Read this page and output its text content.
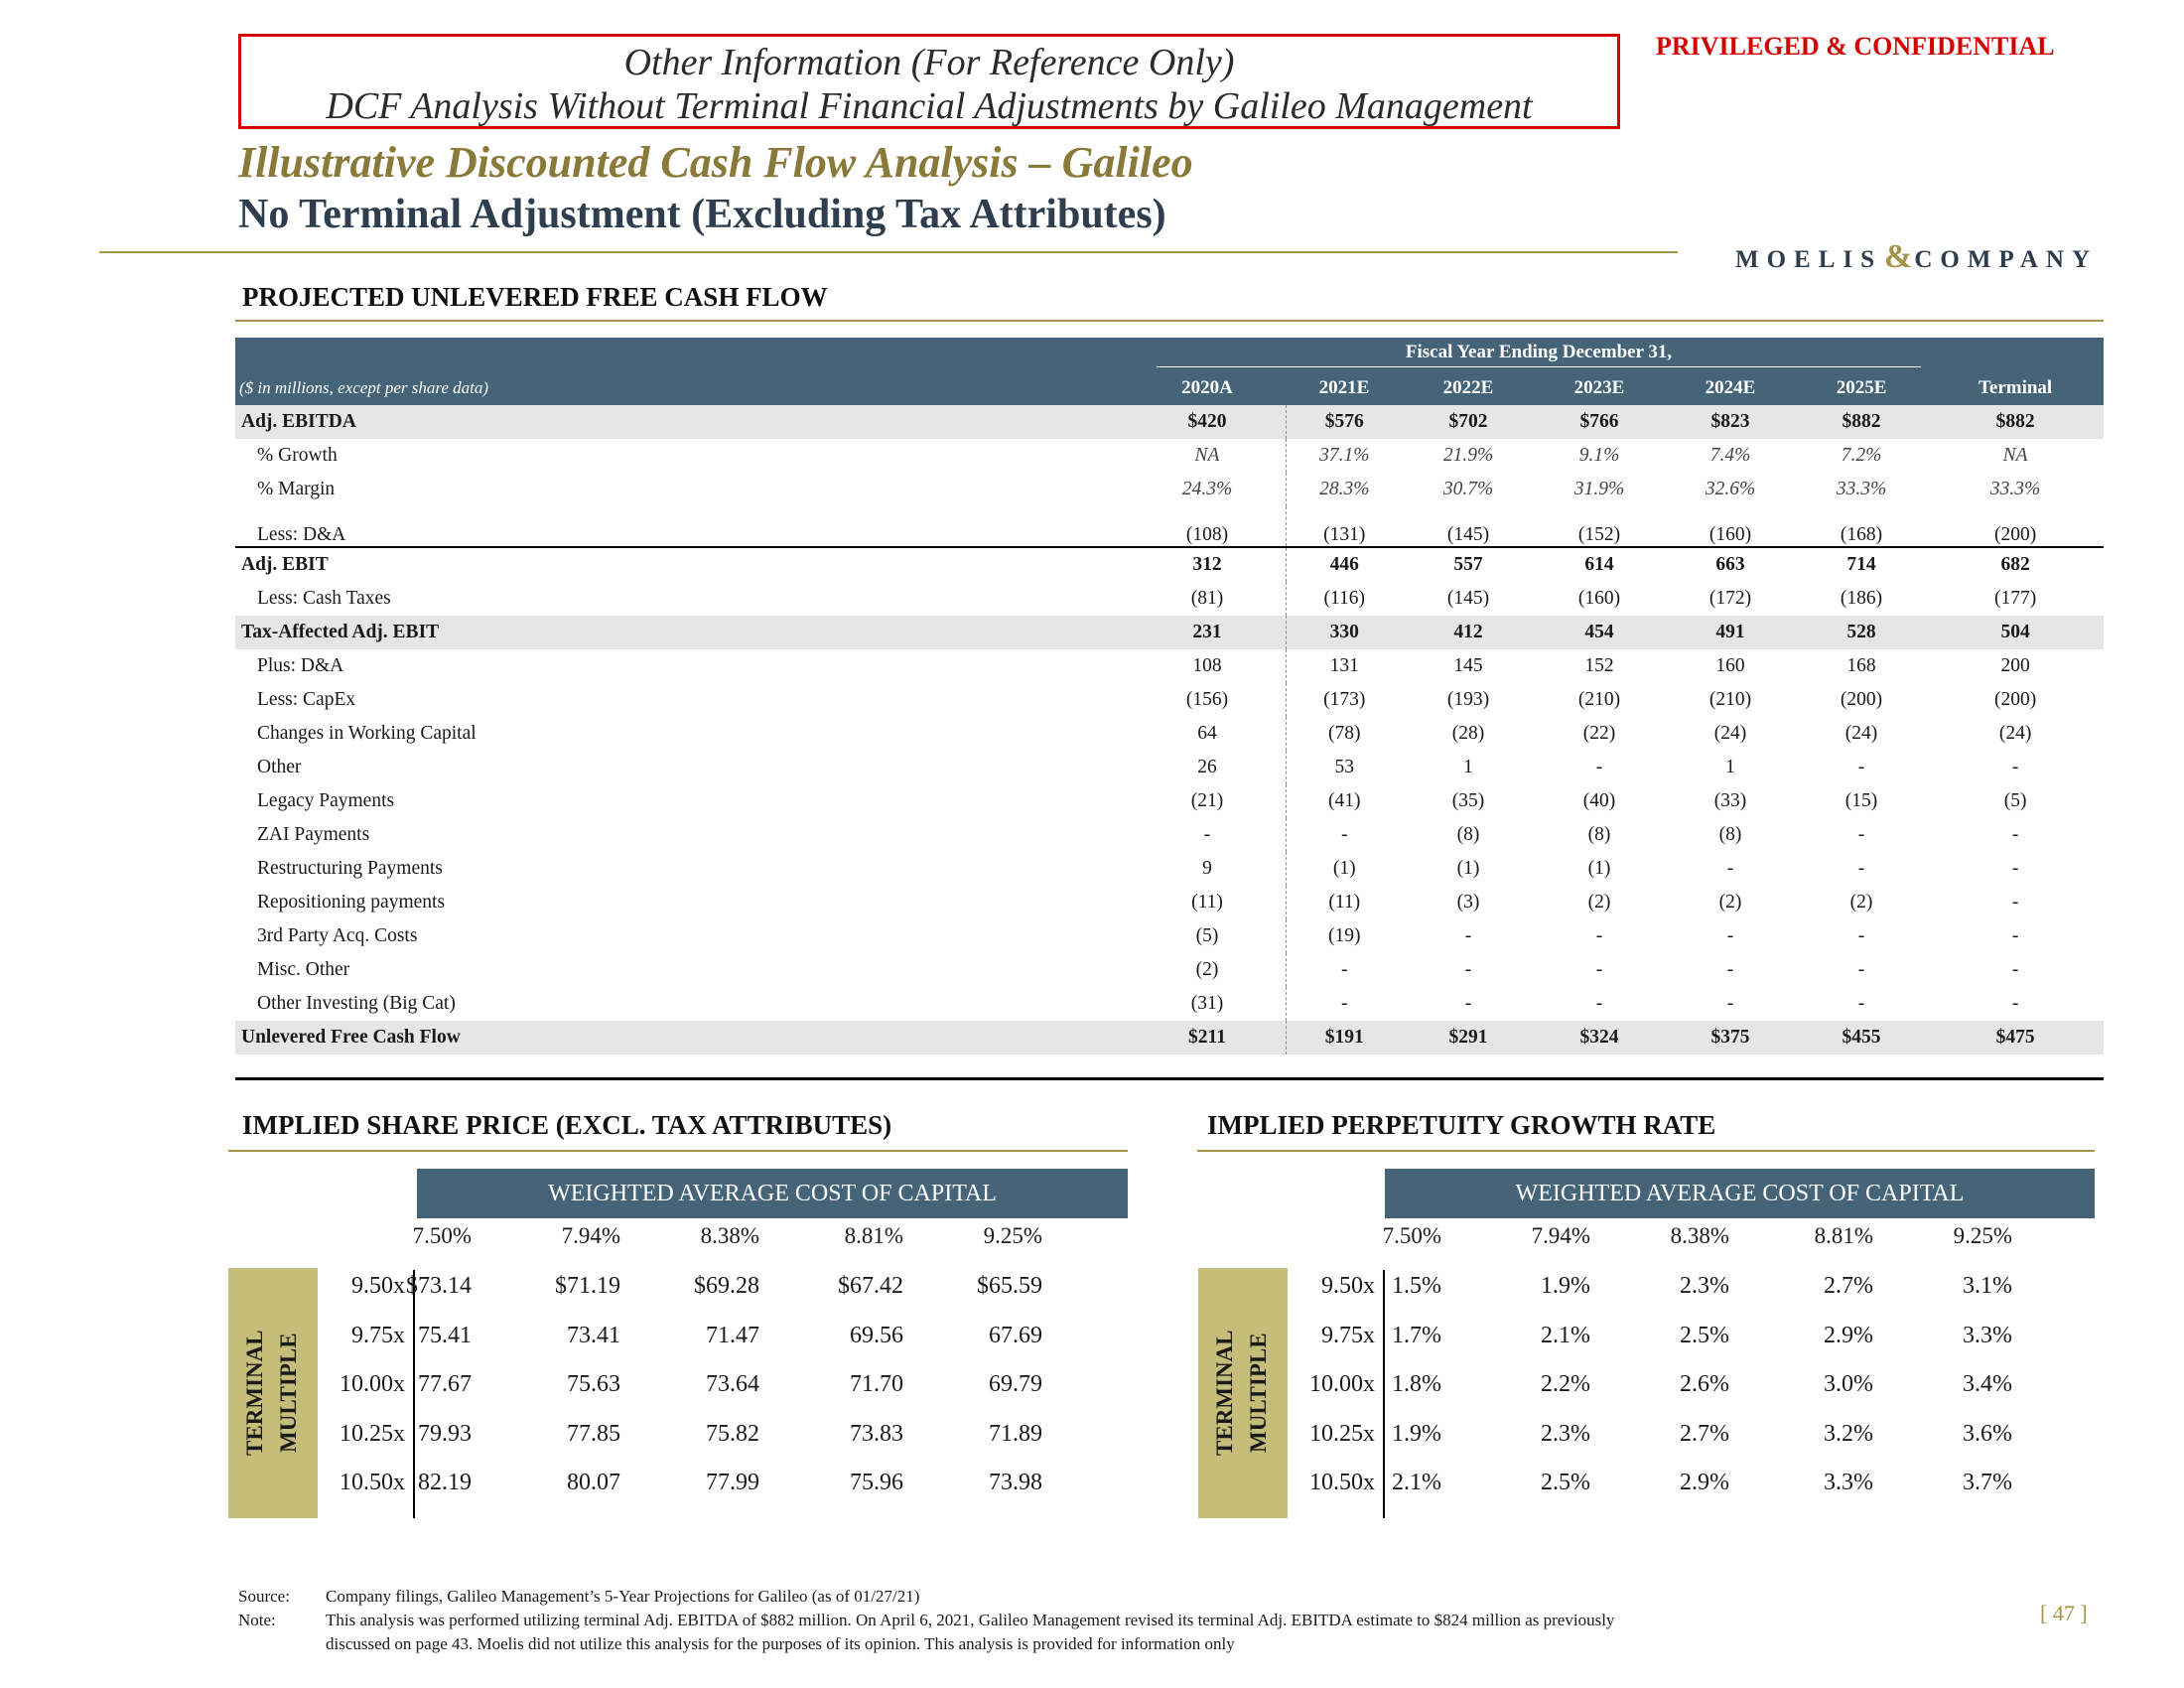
Other Information (For Reference Only)
DCF Analysis Without Terminal Financial Adjustments by Galileo Management
PRIVILEGED & CONFIDENTIAL
Illustrative Discounted Cash Flow Analysis – Galileo
No Terminal Adjustment (Excluding Tax Attributes)
MOELIS&COMPANY
PROJECTED UNLEVERED FREE CASH FLOW

	Fiscal Year Ending December 31,							

($ in millions, except per share data)	2020A		2021E	2022E	2023E	2024E	2025E	Terminal
Adj. EBITDA	$420		$576	$702	$766	$823	$882	$882
% Growth	NA		37.1%	21.9%	9.1%	7.4%	7.2%	NA
% Margin	24.3%		28.3%	30.7%	31.9%	32.6%	33.3%	33.3%
Less: D&A	(108)		(131)	(145)	(152)	(160)	(168)	(200)
Adj. EBIT	312		446	557	614	663	714	682
Less: Cash Taxes	(81)		(116)	(145)	(160)	(172)	(186)	(177)
Tax-Affected Adj. EBIT	231		330	412	454	491	528	504
Plus: D&A	108		131	145	152	160	168	200
Less: CapEx	(156)		(173)	(193)	(210)	(210)	(200)	(200)
Changes in Working Capital	64		(78)	(28)	(22)	(24)	(24)	(24)
Other	26		53	1	-	1	-	-
Legacy Payments	(21)		(41)	(35)	(40)	(33)	(15)	(5)
ZAI Payments	-		-	(8)	(8)	(8)	-	-
Restructuring Payments	9		(1)	(1)	(1)	-	-	-
Repositioning payments	(11)		(11)	(3)	(2)	(2)	(2)	-
3rd Party Acq. Costs	(5)		(19)	-	-	-	-	-
Misc. Other	(2)		-	-	-	-	-	-
Other Investing (Big Cat)	(31)		-	-	-	-	-	-
Unlevered Free Cash Flow	$211		$191	$291	$324	$375	$455	$475
IMPLIED SHARE PRICE (EXCL. TAX ATTRIBUTES)
WEIGHTED AVERAGE COST OF CAPITAL
TERMINAL MULTIPLE
7.50%	7.94%	8.38%	8.81%	9.25%
9.50x $73.14	$71.19	$69.28	$67.42	$65.59
9.75x 75.41	73.41	71.47	69.56	67.69
10.00x 77.67	75.63	73.64	71.70	69.79
10.25x 79.93	77.85	75.82	73.83	71.89
10.50x 82.19	80.07	77.99	75.96	73.98
IMPLIED PERPETUITY GROWTH RATE
WEIGHTED AVERAGE COST OF CAPITAL
TERMINAL MULTIPLE
7.50%	7.94%	8.38%	8.81%	9.25%
9.50x 1.5%	1.9%	2.3%	2.7%	3.1%
9.75x 1.7%	2.1%	2.5%	2.9%	3.3%
10.00x 1.8%	2.2%	2.6%	3.0%	3.4%
10.25x 1.9%	2.3%	2.7%	3.2%	3.6%
10.50x 2.1%	2.5%	2.9%	3.3%	3.7%
Source: Company filings, Galileo Management’s 5-Year Projections for Galileo (as of 01/27/21)
Note:	This analysis was performed utilizing terminal Adj. EBITDA of $882 million. On April 6, 2021, Galileo Management revised its terminal Adj. EBITDA estimate to $824 million as previously
discussed on page 43. Moelis did not utilize this analysis for the purposes of its opinion. This analysis is provided for information only
[ 47 ]
